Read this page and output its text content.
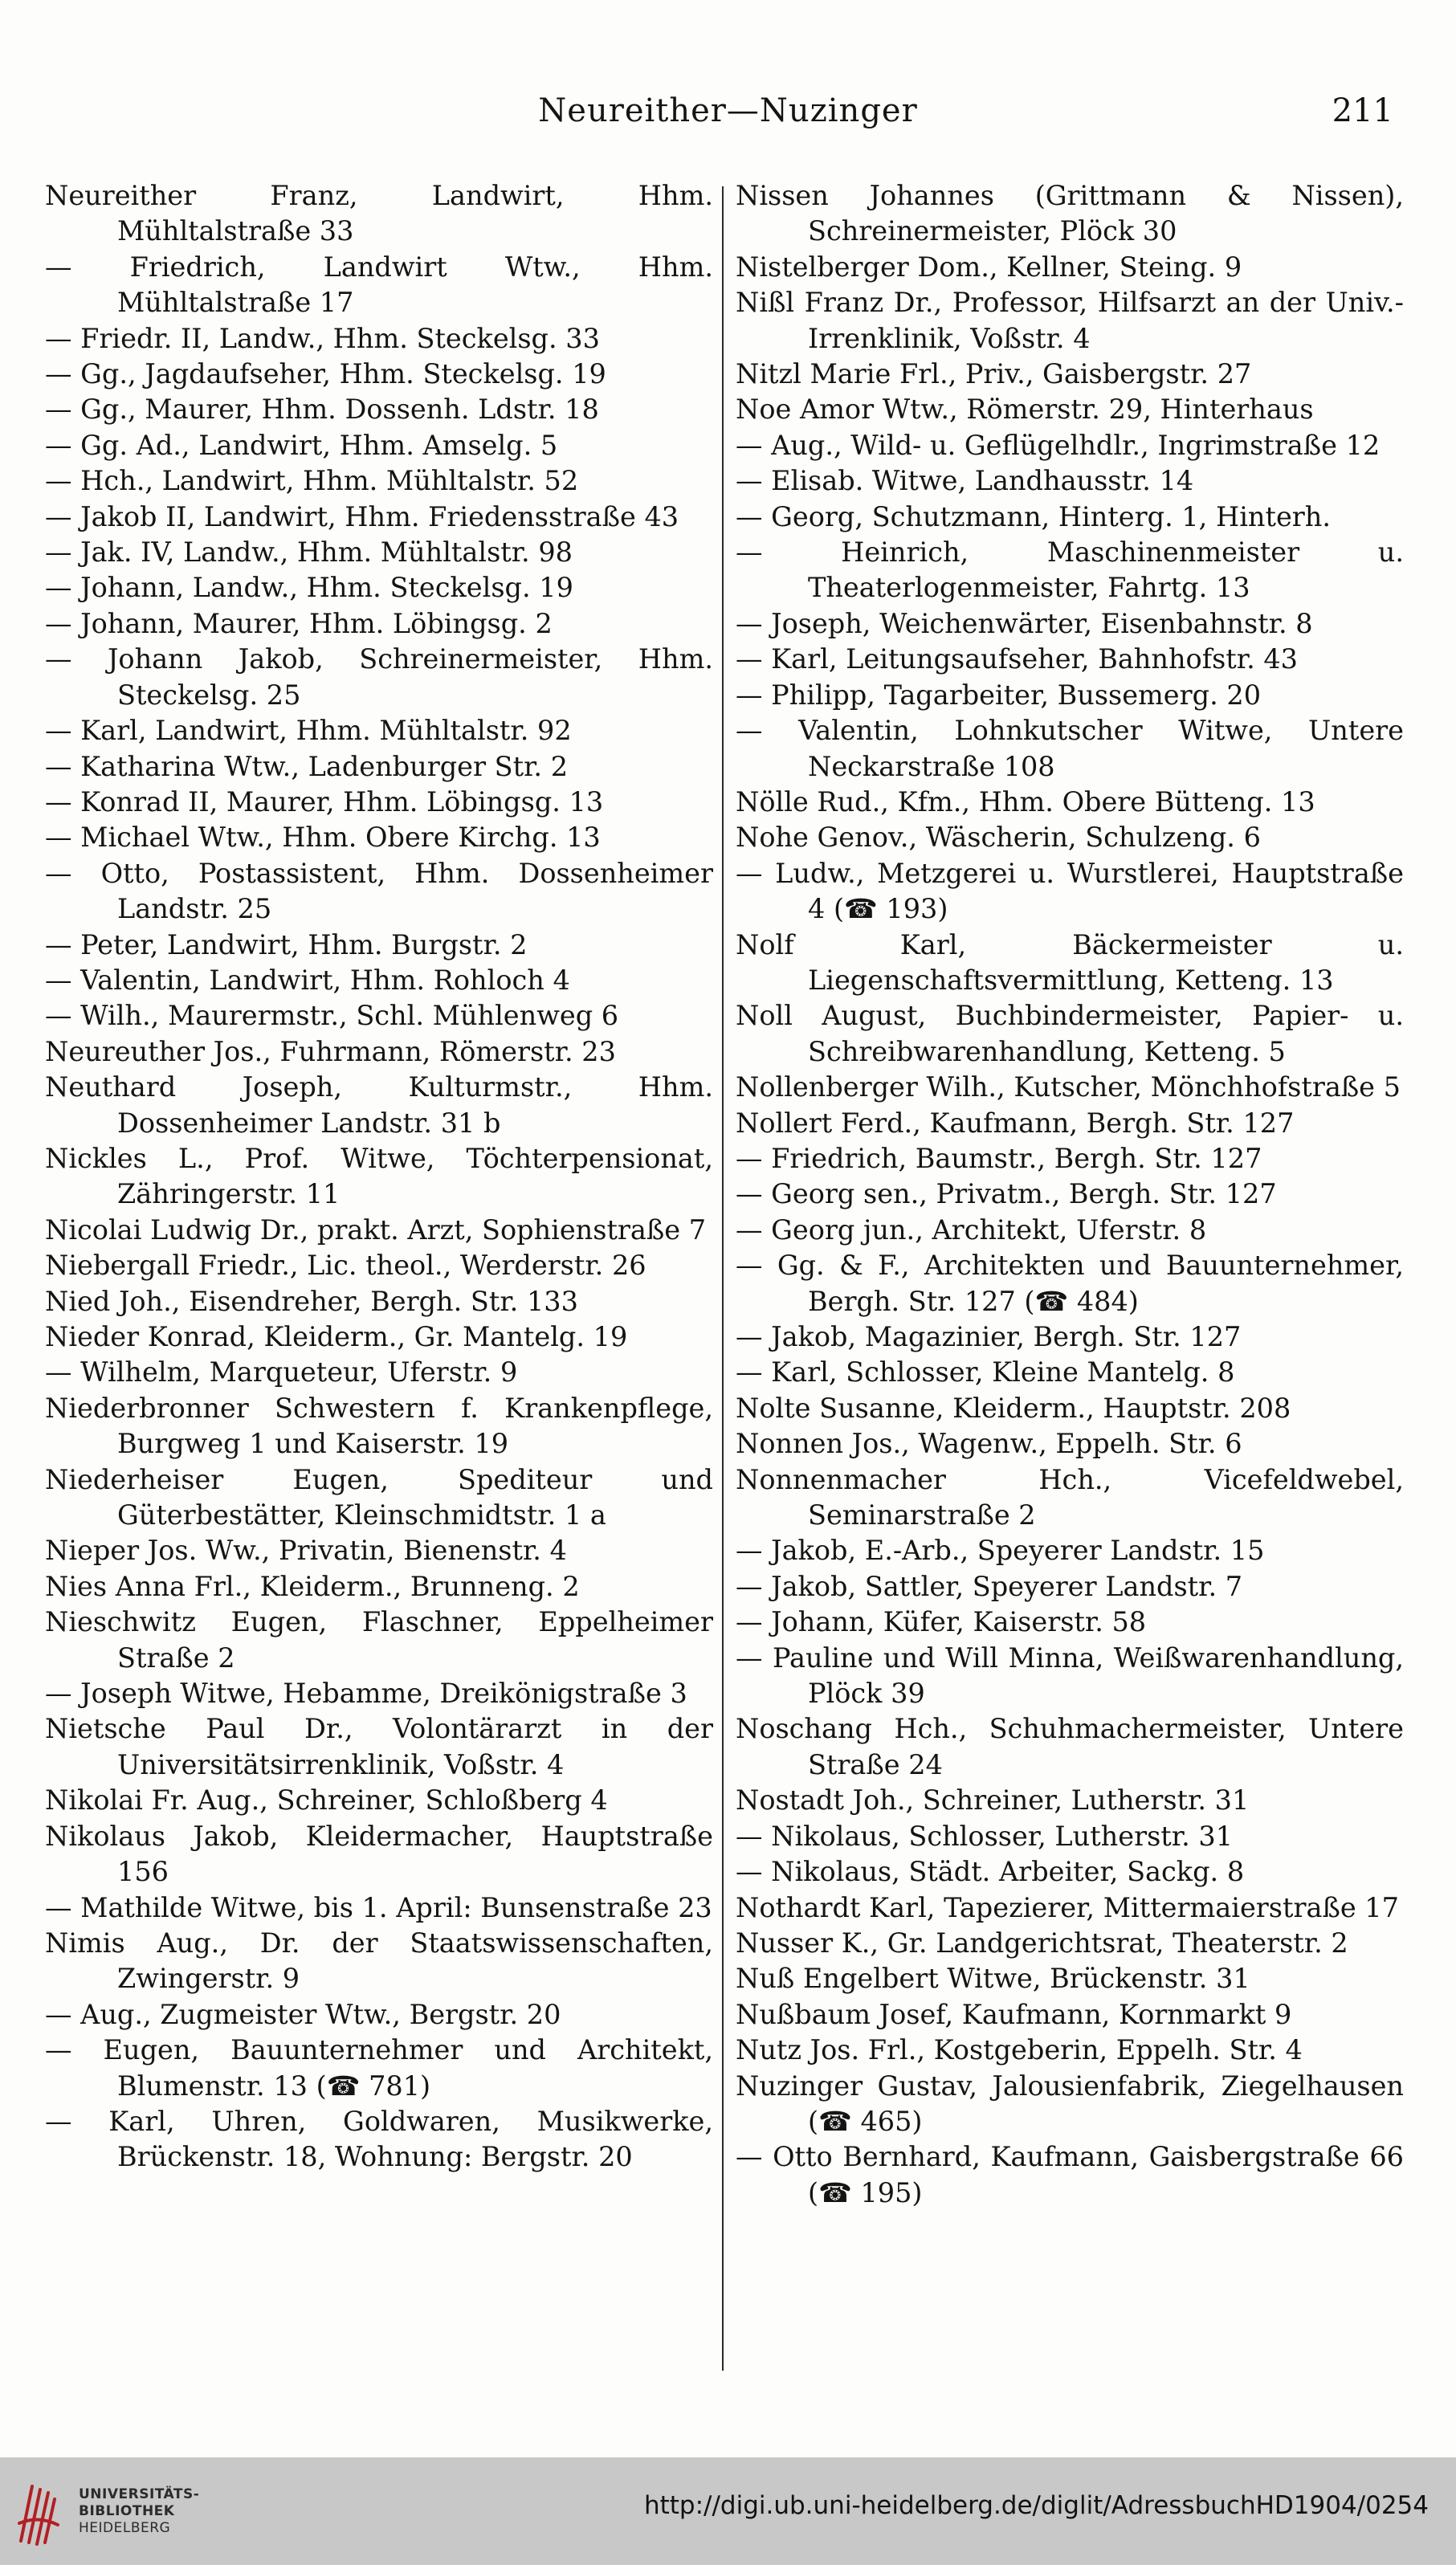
Neureither—Nuzinger	211
Neureither Franz, Landwirt, Hhm. Mühltalstraße 33
— Friedrich, Landwirt Wtw., Hhm. Mühltalstraße 17
— Friedr. II, Landw., Hhm. Steckelsg. 33
— Gg., Jagdaufseher, Hhm. Steckelsg. 19
— Gg., Maurer, Hhm. Dossenh. Ldstr. 18
— Gg. Ad., Landwirt, Hhm. Amselg. 5
— Hch., Landwirt, Hhm. Mühltalstr. 52
— Jakob II, Landwirt, Hhm. Friedensstraße 43
— Jak. IV, Landw., Hhm. Mühltalstr. 98
— Johann, Landw., Hhm. Steckelsg. 19
— Johann, Maurer, Hhm. Löbingsg. 2
— Johann Jakob, Schreinermeister, Hhm. Steckelsg. 25
— Karl, Landwirt, Hhm. Mühltalstr. 92
— Katharina Wtw., Ladenburger Str. 2
— Konrad II, Maurer, Hhm. Löbingsg. 13
— Michael Wtw., Hhm. Obere Kirchg. 13
— Otto, Postassistent, Hhm. Dossenheimer Landstr. 25
— Peter, Landwirt, Hhm. Burgstr. 2
— Valentin, Landwirt, Hhm. Rohloch 4
— Wilh., Maurermstr., Schl. Mühlenweg 6
Neureuther Jos., Fuhrmann, Römerstr. 23
Neuthard Joseph, Kulturmstr., Hhm. Dossenheimer Landstr. 31 b
Nickles L., Prof. Witwe, Töchterpensionat, Zähringerstr. 11
Nicolai Ludwig Dr., prakt. Arzt, Sophienstraße 7
Niebergall Friedr., Lic. theol., Werderstr. 26
Nied Joh., Eisendreher, Bergh. Str. 133
Nieder Konrad, Kleiderm., Gr. Mantelg. 19
— Wilhelm, Marqueteur, Uferstr. 9
Niederbronner Schwestern f. Krankenpflege, Burgweg 1 und Kaiserstr. 19
Niederheiser Eugen, Spediteur und Güterbestätter, Kleinschmidtstr. 1 a
Nieper Jos. Ww., Privatin, Bienenstr. 4
Nies Anna Frl., Kleiderm., Brunneng. 2
Nieschwitz Eugen, Flaschner, Eppelheimer Straße 2
— Joseph Witwe, Hebamme, Dreikönigstraße 3
Nietsche Paul Dr., Volontärarzt in der Universitätsirrenklinik, Voßstr. 4
Nikolai Fr. Aug., Schreiner, Schloßberg 4
Nikolaus Jakob, Kleidermacher, Hauptstraße 156
— Mathilde Witwe, bis 1. April: Bunsenstraße 23
Nimis Aug., Dr. der Staatswissenschaften, Zwingerstr. 9
— Aug., Zugmeister Wtw., Bergstr. 20
— Eugen, Bauunternehmer und Architekt, Blumenstr. 13 (☎ 781)
— Karl, Uhren, Goldwaren, Musikwerke, Brückenstr. 18, Wohnung: Bergstr. 20
Nissen Johannes (Grittmann & Nissen), Schreinermeister, Plöck 30
Nistelberger Dom., Kellner, Steing. 9
Nißl Franz Dr., Professor, Hilfsarzt an der Univ.-Irrenklinik, Voßstr. 4
Nitzl Marie Frl., Priv., Gaisbergstr. 27
Noe Amor Wtw., Römerstr. 29, Hinterhaus
— Aug., Wild- u. Geflügelhdlr., Ingrimstraße 12
— Elisab. Witwe, Landhausstr. 14
— Georg, Schutzmann, Hinterg. 1, Hinterh.
— Heinrich, Maschinenmeister u. Theaterlogenmeister, Fahrtg. 13
— Joseph, Weichenwärter, Eisenbahnstr. 8
— Karl, Leitungsaufseher, Bahnhofstr. 43
— Philipp, Tagarbeiter, Bussemerg. 20
— Valentin, Lohnkutscher Witwe, Untere Neckarstraße 108
Nölle Rud., Kfm., Hhm. Obere Bütteng. 13
Nohe Genov., Wäscherin, Schulzeng. 6
— Ludw., Metzgerei u. Wurstlerei, Hauptstraße 4 (☎ 193)
Nolf Karl, Bäckermeister u. Liegenschaftsvermittlung, Ketteng. 13
Noll August, Buchbindermeister, Papier- u. Schreibwarenhandlung, Ketteng. 5
Nollenberger Wilh., Kutscher, Mönchhofstraße 5
Nollert Ferd., Kaufmann, Bergh. Str. 127
— Friedrich, Baumstr., Bergh. Str. 127
— Georg sen., Privatm., Bergh. Str. 127
— Georg jun., Architekt, Uferstr. 8
— Gg. & F., Architekten und Bauunternehmer, Bergh. Str. 127 (☎ 484)
— Jakob, Magazinier, Bergh. Str. 127
— Karl, Schlosser, Kleine Mantelg. 8
Nolte Susanne, Kleiderm., Hauptstr. 208
Nonnen Jos., Wagenw., Eppelh. Str. 6
Nonnenmacher Hch., Vicefeldwebel, Seminarstraße 2
— Jakob, E.-Arb., Speyerer Landstr. 15
— Jakob, Sattler, Speyerer Landstr. 7
— Johann, Küfer, Kaiserstr. 58
— Pauline und Will Minna, Weißwarenhandlung, Plöck 39
Noschang Hch., Schuhmachermeister, Untere Straße 24
Nostadt Joh., Schreiner, Lutherstr. 31
— Nikolaus, Schlosser, Lutherstr. 31
— Nikolaus, Städt. Arbeiter, Sackg. 8
Nothardt Karl, Tapezierer, Mittermaierstraße 17
Nusser K., Gr. Landgerichtsrat, Theaterstr. 2
Nuß Engelbert Witwe, Brückenstr. 31
Nußbaum Josef, Kaufmann, Kornmarkt 9
Nutz Jos. Frl., Kostgeberin, Eppelh. Str. 4
Nuzinger Gustav, Jalousienfabrik, Ziegelhausen (☎ 465)
— Otto Bernhard, Kaufmann, Gaisbergstraße 66 (☎ 195)
UNIVERSITÄTS-
BIBLIOTHEK
HEIDELBERG
http://digi.ub.uni-heidelberg.de/diglit/AdressbuchHD1904/0254
